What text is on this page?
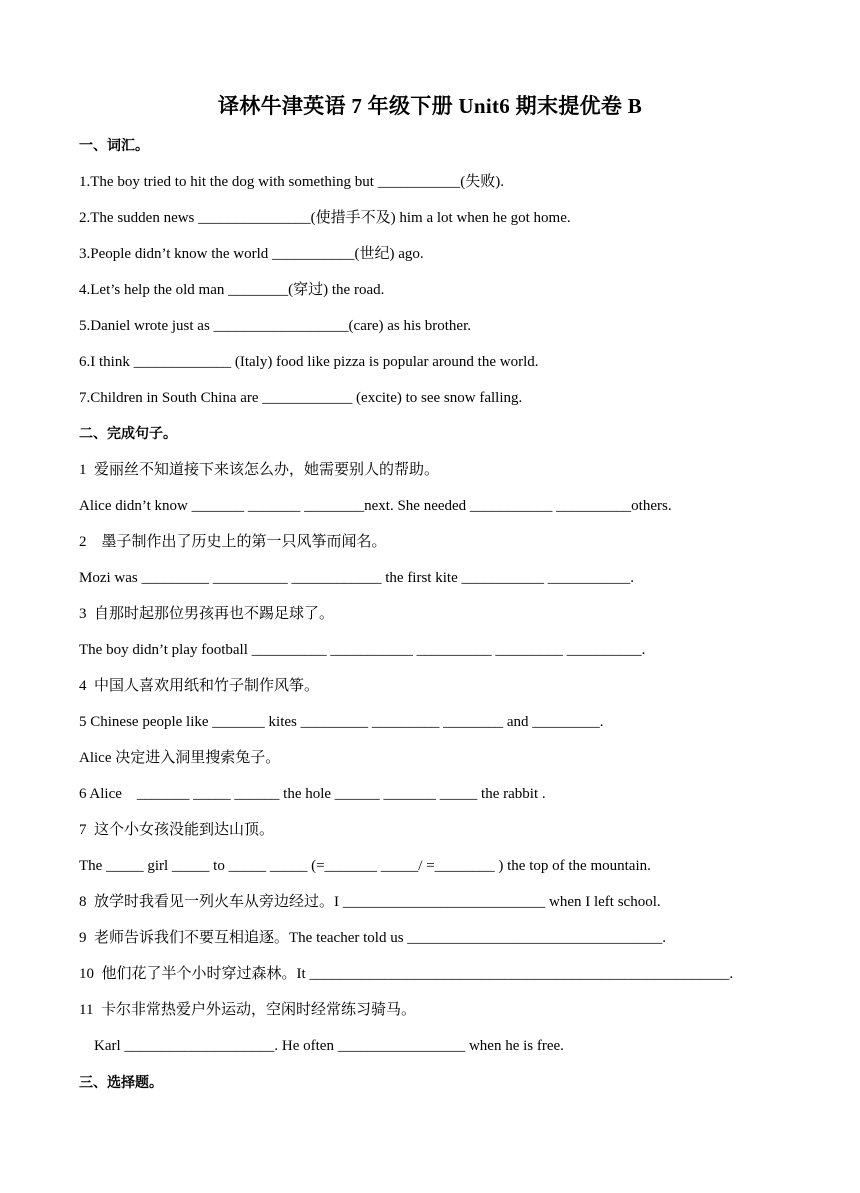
译林牛津英语 7 年级下册 Unit6 期末提优卷 B
一、词汇。
1.The boy tried to hit the dog with something but ___________(失败).
2.The sudden news _______________(使措手不及) him a lot when he got home.
3.People didn’t know the world ___________(世纪) ago.
4.Let’s help the old man ________(穿过) the road.
5.Daniel wrote just as __________________(care) as his brother.
6.I think _____________ (Italy) food like pizza is popular around the world.
7.Children in South China are ____________ (excite) to see snow falling.
二、完成句子。
1  爱丽丝不知道接下来该怎么办，她需要别人的帮助。
Alice didn’t know _______ _______ ________next. She needed ___________ __________others.
2    墨子制作出了历史上的第一只风筝而闻名。
Mozi was _________ __________ ____________ the first kite ___________ ___________.
3  自那时起那位男孩再也不踢足球了。
The boy didn’t play football __________ ___________ __________ _________ __________.
4  中国人喜欢用纸和竹子制作风筝。
5 Chinese people like _______ kites _________ _________ ________ and _________.
Alice 决定进入洞里搜索兔子。
6 Alice    _______ _____ ______ the hole ______ _______ _____ the rabbit .
7  这个小女孩没能到达山顶。
The _____ girl _____ to _____ _____ (=_______ _____/ =________ ) the top of the mountain.
8  放学时我看见一列火车从旁边经过。I ___________________________ when I left school.
9  老师告诉我们不要互相追逐。The teacher told us __________________________________.
10  他们花了半个小时穿过森林。It ________________________________________________________.
11  卡尔非常热爱户外运动，空闲时经常练习骑马。
Karl ____________________. He often _________________ when he is free.
三、选择题。
